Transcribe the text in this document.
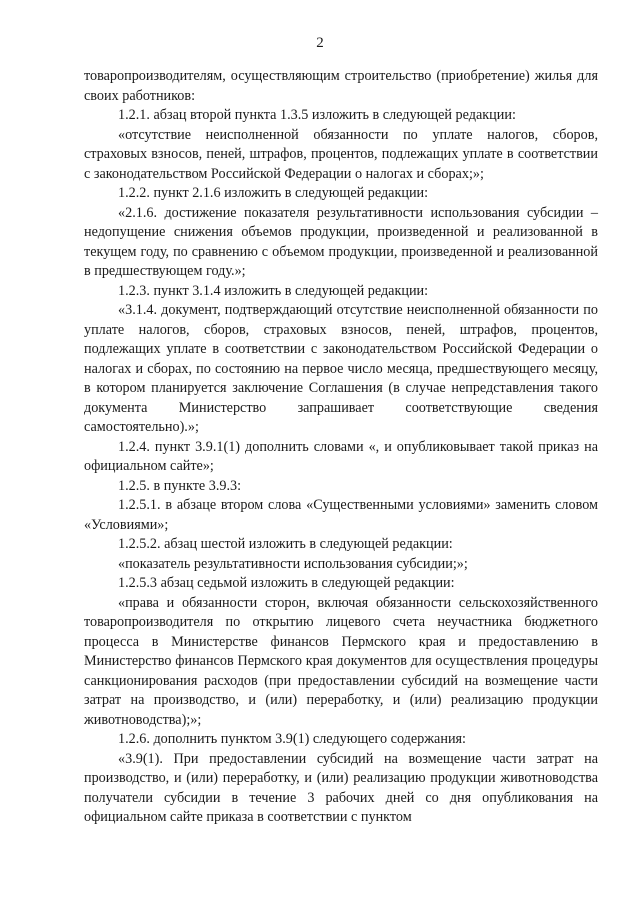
2

товаропроизводителям, осуществляющим строительство (приобретение) жилья для своих работников:

1.2.1. абзац второй пункта 1.3.5 изложить в следующей редакции:

«отсутствие неисполненной обязанности по уплате налогов, сборов, страховых взносов, пеней, штрафов, процентов, подлежащих уплате в соответствии с законодательством Российской Федерации о налогах и сборах;»;

1.2.2. пункт 2.1.6 изложить в следующей редакции:

«2.1.6. достижение показателя результативности использования субсидии – недопущение снижения объемов продукции, произведенной и реализованной в текущем году, по сравнению с объемом продукции, произведенной и реализованной в предшествующем году.»;

1.2.3. пункт 3.1.4 изложить в следующей редакции:

«3.1.4. документ, подтверждающий отсутствие неисполненной обязанности по уплате налогов, сборов, страховых взносов, пеней, штрафов, процентов, подлежащих уплате в соответствии с законодательством Российской Федерации о налогах и сборах, по состоянию на первое число месяца, предшествующего месяцу, в котором планируется заключение Соглашения (в случае непредставления такого документа Министерство запрашивает соответствующие сведения самостоятельно).»;

1.2.4. пункт 3.9.1(1) дополнить словами «, и опубликовывает такой приказ на официальном сайте»;

1.2.5. в пункте 3.9.3:

1.2.5.1. в абзаце втором слова «Существенными условиями» заменить словом «Условиями»;

1.2.5.2. абзац шестой изложить в следующей редакции:

«показатель результативности использования субсидии;»;

1.2.5.3 абзац седьмой изложить в следующей редакции:

«права и обязанности сторон, включая обязанности сельскохозяйственного товаропроизводителя по открытию лицевого счета неучастника бюджетного процесса в Министерстве финансов Пермского края и предоставлению в Министерство финансов Пермского края документов для осуществления процедуры санкционирования расходов (при предоставлении субсидий на возмещение части затрат на производство, и (или) переработку, и (или) реализацию продукции животноводства);»;

1.2.6. дополнить пунктом 3.9(1) следующего содержания:

«3.9(1). При предоставлении субсидий на возмещение части затрат на производство, и (или) переработку, и (или) реализацию продукции животноводства получатели субсидии в течение 3 рабочих дней со дня опубликования на официальном сайте приказа в соответствии с пунктом
